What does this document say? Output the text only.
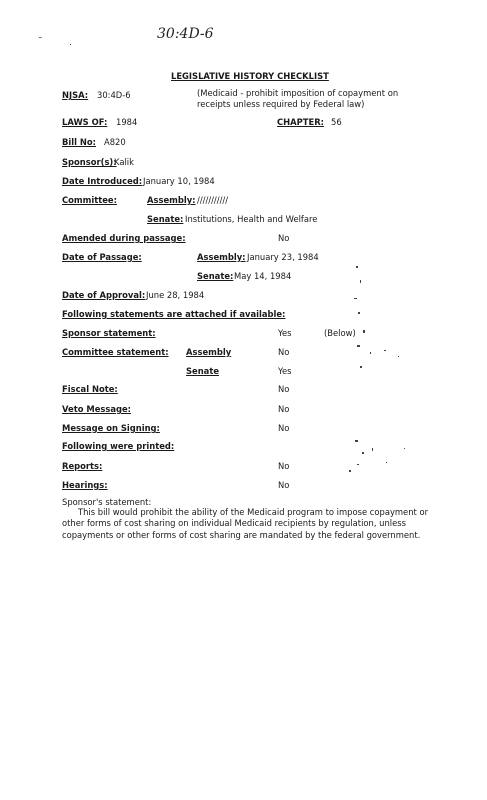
30:4D-6
˜
LEGISLATIVE HISTORY CHECKLIST
NJSA: 30:4D-6	(Medicaid - prohibit imposition of copayment on receipts unless required by Federal law)
LAWS OF: 1984	CHAPTER: 56
Bill No: A820
Sponsor(s):
Kalik
Date Introduced: January 10, 1984
Committee:	Assembly: ///////////
Senate: Institutions, Health and Welfare
Amended during passage:	No
Date of Passage:	Assembly: January 23, 1984
Senate: May 14, 1984
Date of Approval: June 28, 1984
Following statements are attached if available:
Sponsor statement:	Yes	(Below)
Committee statement: Assembly	No
Senate	Yes
Fiscal Note:	No
Veto Message:	No
Message on Signing:	No
Following were printed:
Reports:	No
Hearings:	No
Sponsor's statement:
This bill would prohibit the ability of the Medicaid program to impose copayment or other forms of cost sharing on individual Medicaid recipients by regulation, unless copayments or other forms of cost sharing are mandated by the federal government.
